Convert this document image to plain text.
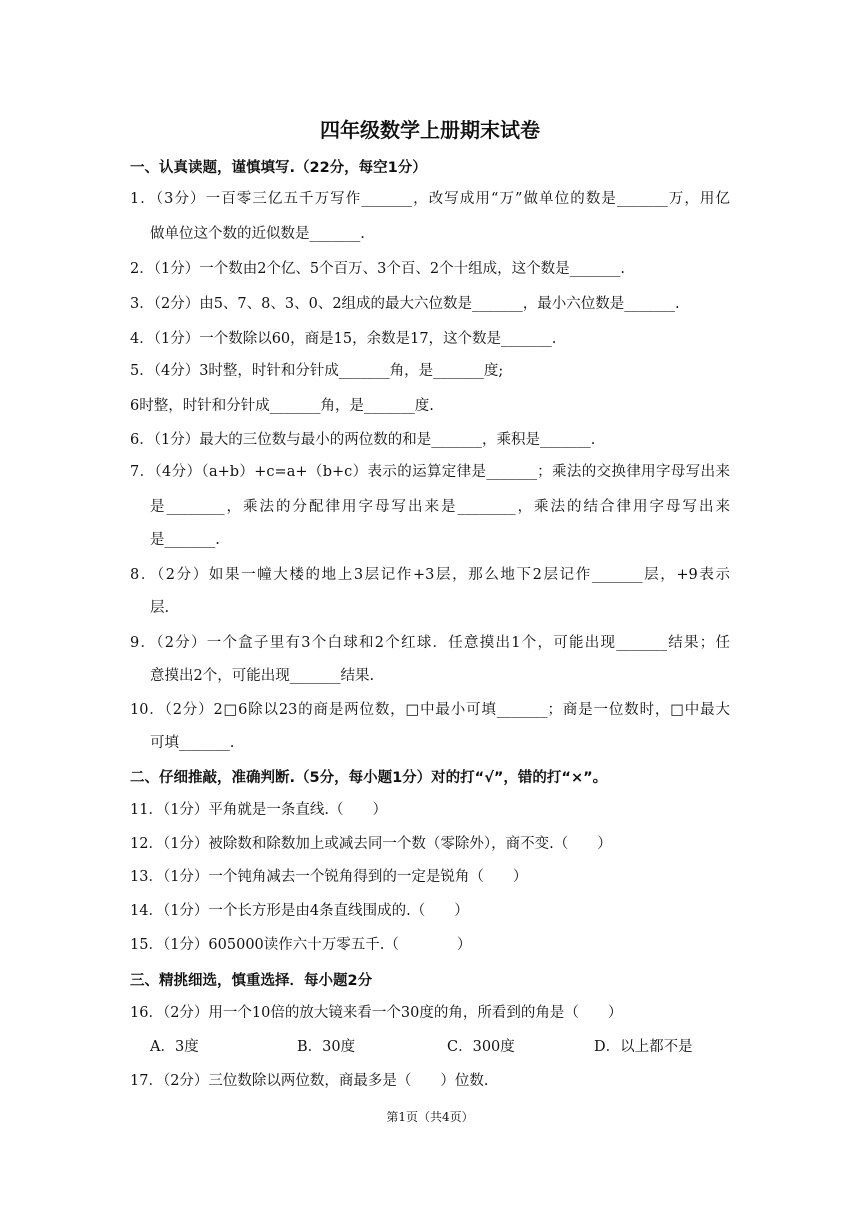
四年级数学上册期末试卷
一、认真读题，谨慎填写.（22分，每空1分）
1．（3分）一百零三亿五千万写作_______，改写成用“万”做单位的数是_______万，用亿
做单位这个数的近似数是_______.
2．（1分）一个数由2个亿、5个百万、3个百、2个十组成，这个数是_______.
3．（2分）由5、7、8、3、0、2组成的最大六位数是_______，最小六位数是_______.
4．（1分）一个数除以60，商是15，余数是17，这个数是_______.
5．（4分）3时整，时针和分针成_______角，是_______度;
6时整，时针和分针成_______角，是_______度.
6．（1分）最大的三位数与最小的两位数的和是_______，乘积是_______.
7．（4分）（a+b）+c=a+（b+c）表示的运算定律是_______；乘法的交换律用字母写出来
是________，乘法的分配律用字母写出来是________，乘法的结合律用字母写出来
是_______.
8．（2分）如果一幢大楼的地上3层记作+3层，那么地下2层记作_______层，+9表示
层.
9．（2分）一个盒子里有3个白球和2个红球．任意摸出1个，可能出现_______结果；任
意摸出2个，可能出现_______结果.
10．（2分）2□6除以23的商是两位数，□中最小可填_______；商是一位数时，□中最大
可填_______.
二、仔细推敲，准确判断.（5分，每小题1分）对的打“√”，错的打“×”。
11．（1分）平角就是一条直线.（　　）
12．（1分）被除数和除数加上或减去同一个数（零除外），商不变.（　　）
13．（1分）一个钝角减去一个锐角得到的一定是锐角（　　）
14．（1分）一个长方形是由4条直线围成的.（　　）
15．（1分）605000读作六十万零五千.（　　　　）
三、精挑细选，慎重选择．每小题2分
16．（2分）用一个10倍的放大镜来看一个30度的角，所看到的角是（　　）
A．3度	B．30度	C．300度	D．以上都不是
17．（2分）三位数除以两位数，商最多是（　　）位数.
第1页（共4页）
